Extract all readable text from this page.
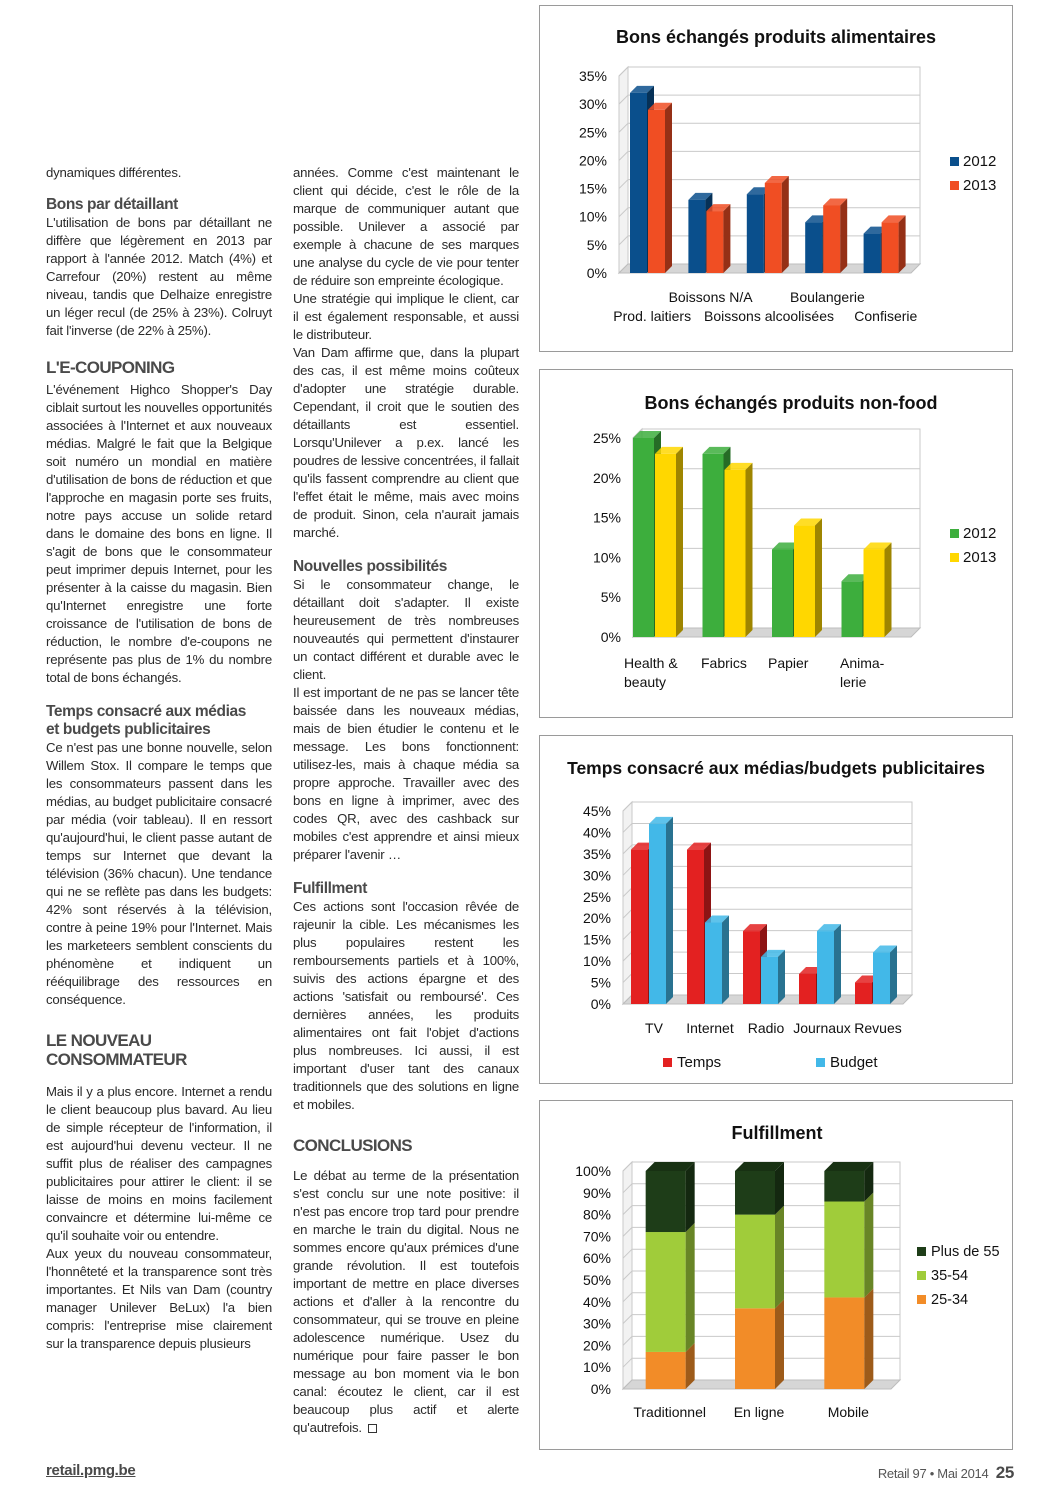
dynamiques différentes.

Bons par détaillant

L'utilisation de bons par détaillant ne diffère que légèrement en 2013 par rapport à l'année 2012. Match (4%) et Carrefour (20%) restent au même niveau, tandis que Delhaize enregistre un léger recul (de 25% à 23%). Colruyt fait l'inverse (de 22% à 25%).

L'E-COUPONING

L'événement Highco Shopper's Day ciblait surtout les nouvelles opportunités associées à l'Internet et aux nouveaux médias. Malgré le fait que la Belgique soit numéro un mondial en matière d'utilisation de bons de réduction et que l'approche en magasin porte ses fruits, notre pays accuse un solide retard dans le domaine des bons en ligne. Il s'agit de bons que le consommateur peut imprimer depuis Internet, pour les présenter à la caisse du magasin. Bien qu'Internet enregistre une forte croissance de l'utilisation de bons de réduction, le nombre d'e-coupons ne représente pas plus de 1% du nombre total de bons échangés.

Temps consacré aux médias
et budgets publicitaires

Ce n'est pas une bonne nouvelle, selon Willem Stox. Il compare le temps que les consommateurs passent dans les médias, au budget publicitaire consacré par média (voir tableau). Il en ressort qu'aujourd'hui, le client passe autant de temps sur Internet que devant la télévision (36% chacun). Une tendance qui ne se reflète pas dans les budgets: 42% sont réservés à la télévision, contre à peine 19% pour l'Internet. Mais les marketeers semblent conscients du phénomène et indiquent un rééquilibrage des ressources en conséquence.

LE NOUVEAU
CONSOMMATEUR

Mais il y a plus encore. Internet a rendu le client beaucoup plus bavard. Au lieu de simple récepteur de l'information, il est aujourd'hui devenu vecteur. Il ne suffit plus de réaliser des campagnes publicitaires pour attirer le client: il se laisse de moins en moins facilement convaincre et détermine lui-même ce qu'il souhaite voir ou entendre.

Aux yeux du nouveau consommateur, l'honnêteté et la transparence sont très importantes. Et Nils van Dam (country manager Unilever BeLux) l'a bien compris: l'entreprise mise clairement sur la transparence depuis plusieurs

années. Comme c'est maintenant le client qui décide, c'est le rôle de la marque de communiquer autant que possible. Unilever a associé par exemple à chacune de ses marques une analyse du cycle de vie pour tenter de réduire son empreinte écologique.

Une stratégie qui implique le client, car il est également responsable, et aussi le distributeur.

Van Dam affirme que, dans la plupart des cas, il est même moins coûteux d'adopter une stratégie durable. Cependant, il croit que le soutien des détaillants est essentiel. Lorsqu'Unilever a p.ex. lancé les poudres de lessive concentrées, il fallait qu'ils fassent comprendre au client que l'effet était le même, mais avec moins de produit. Sinon, cela n'aurait jamais marché.

Nouvelles possibilités

Si le consommateur change, le détaillant doit s'adapter. Il existe heureusement de très nombreuses nouveautés qui permettent d'instaurer un contact différent et durable avec le client.

Il est important de ne pas se lancer tête baissée dans les nouveaux médias, mais de bien étudier le contenu et le message. Les bons fonctionnent: utilisez-les, mais à chaque média sa propre approche. Travailler avec des bons en ligne à imprimer, avec des codes QR, avec des cashback sur mobiles c'est apprendre et ainsi mieux préparer l'avenir …

Fulfillment

Ces actions sont l'occasion rêvée de rajeunir la cible. Les mécanismes les plus populaires restent les remboursements partiels et à 100%, suivis des actions épargne et des actions 'satisfait ou remboursé'. Ces dernières années, les produits alimentaires ont fait l'objet d'actions plus nombreuses. Ici aussi, il est important d'user tant des canaux traditionnels que des solutions en ligne et mobiles.

CONCLUSIONS

Le débat au terme de la présentation s'est conclu sur une note positive: il n'est pas encore trop tard pour prendre en marche le train du digital. Nous ne sommes encore qu'aux prémices d'une grande révolution. Il est toutefois important de mettre en place diverses actions et d'aller à la rencontre du consommateur, qui se trouve en pleine adolescence numérique. Usez du numérique pour faire passer le bon message au bon moment via le bon canal: écoutez le client, car il est beaucoup plus actif et alerte qu'autrefois.

Bons échangés produits alimentaires
0%
5%
10%
15%
20%
25%
30%
35%
Prod. laitiers
Boissons N/A
Boissons alcoolisées
Boulangerie
Confiserie
2012
2013
Bons échangés produits non-food
0%
5%
10%
15%
20%
25%
Health &
beauty
Fabrics Papier Anima-
lerie
2012
2013
Temps consacré aux médias/budgets publicitaires
0%
5%
10%
15%
20%
25%
30%
35%
40%
45%
TV Internet Radio Journaux Revues
Temps	Budget
Fulfillment
0%
10%
20%
30%
40%
50%
60%
70%
80%
90%
100%
Traditionnel En ligne	Mobile
Plus de 55
35-54
25-34
retail.pmg.be	Retail 97 • Mai 2014 25
